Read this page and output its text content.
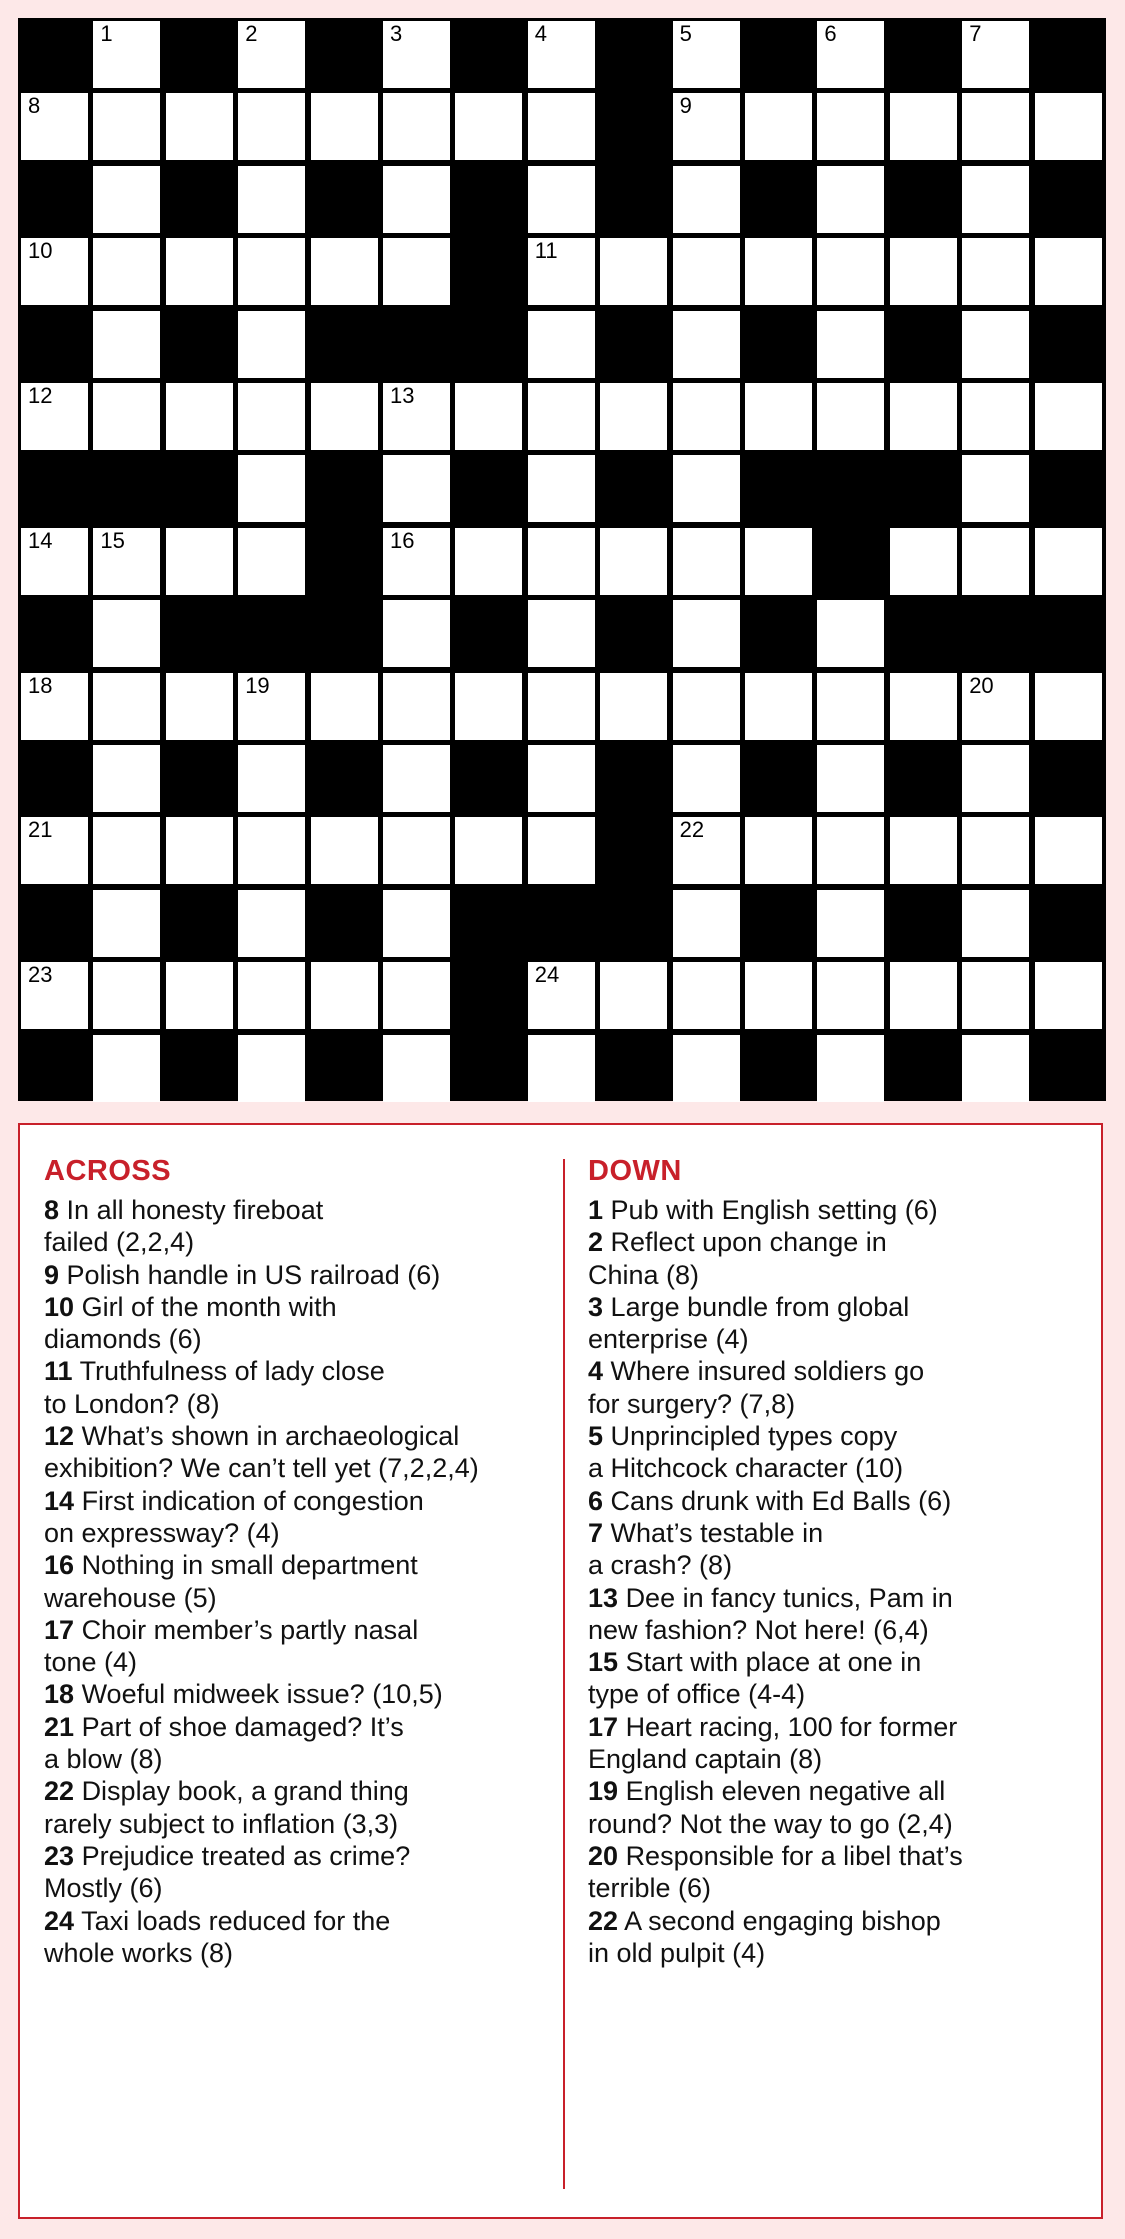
1	2	3	4	5	6	7
8	9
10	11
12	13
14 15	16
18	19	20
21	22
23	24
ACROSS
8 In all honesty fireboat
failed (2,2,4)
9 Polish handle in US railroad (6)
10 Girl of the month with
diamonds (6)
11 Truthfulness of lady close
to London? (8)
12 What’s shown in archaeological
exhibition? We can’t tell yet (7,2,2,4)
14 First indication of congestion
on expressway? (4)
16 Nothing in small department
warehouse (5)
17 Choir member’s partly nasal
tone (4)
18 Woeful midweek issue? (10,5)
21 Part of shoe damaged? It’s
a blow (8)
22 Display book, a grand thing
rarely subject to inflation (3,3)
23 Prejudice treated as crime?
Mostly (6)
24 Taxi loads reduced for the
whole works (8)
DOWN
1 Pub with English setting (6)
2 Reflect upon change in
China (8)
3 Large bundle from global
enterprise (4)
4 Where insured soldiers go
for surgery? (7,8)
5 Unprincipled types copy
a Hitchcock character (10)
6 Cans drunk with Ed Balls (6)
7 What’s testable in
a crash? (8)
13 Dee in fancy tunics, Pam in
new fashion? Not here! (6,4)
15 Start with place at one in
type of office (4-4)
17 Heart racing, 100 for former
England captain (8)
19 English eleven negative all
round? Not the way to go (2,4)
20 Responsible for a libel that’s
terrible (6)
22 A second engaging bishop
in old pulpit (4)
